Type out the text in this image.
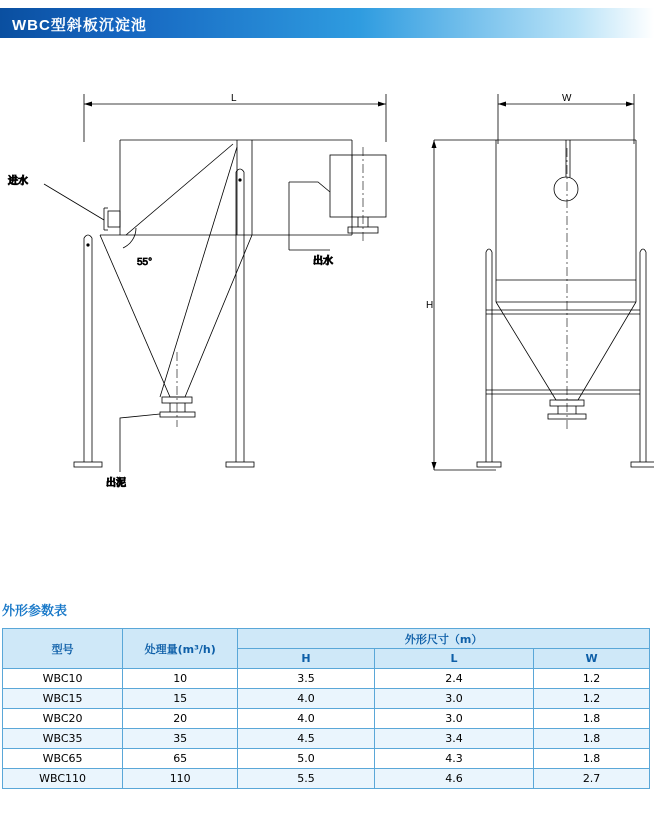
WBC型斜板沉淀池
进水
55°	出水
出泥
L	W
H
外形参数表
型号	处理量(m³/h)	外形尺寸（m）		
		H	L	W
WBC10	10	3.5	2.4	1.2
WBC15	15	4.0	3.0	1.2
WBC20	20	4.0	3.0	1.8
WBC35	35	4.5	3.4	1.8
WBC65	65	5.0	4.3	1.8
WBC110	110	5.5	4.6	2.7
